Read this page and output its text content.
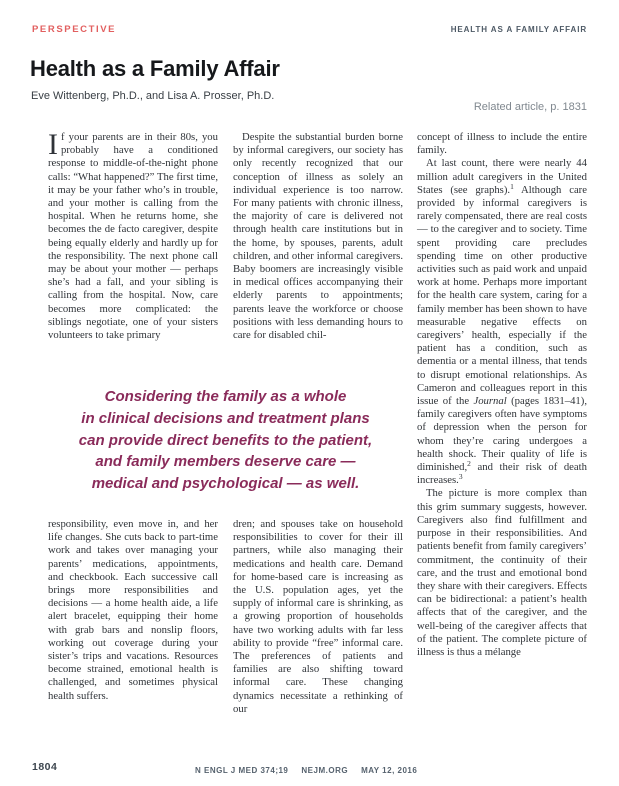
PERSPECTIVE	HEALTH AS A FAMILY AFFAIR
Health as a Family Affair
Eve Wittenberg, Ph.D., and Lisa A. Prosser, Ph.D.
Related article, p. 1831

If your parents are in their 80s, you probably have a conditioned response to middle-of-the-night phone calls: “What happened?” The first time, it may be your father who’s in trouble, and your mother is calling from the hospital. When he returns home, she becomes the de facto caregiver, despite being equally elderly and hardly up for the responsibility. The next phone call may be about your mother — perhaps she’s had a fall, and your sibling is calling from the hospital. Now, care becomes more complicated: the siblings negotiate, one of your sisters volunteers to take primary

Despite the substantial burden borne by informal caregivers, our society has only recently recognized that our conception of illness as solely an individual experience is too narrow. For many patients with chronic illness, the majority of care is delivered not through health care institutions but in the home, by spouses, parents, adult children, and other informal caregivers. Baby boomers are increasingly visible in medical offices accompanying their elderly parents to appointments; parents leave the workforce or choose positions with less demanding hours to care for disabled chil-

concept of illness to include the entire family.

At last count, there were nearly 44 million adult caregivers in the United States (see graphs).$^1$ Although care provided by informal caregivers is rarely compensated, there are real costs — to the caregiver and to society. Time spent providing care precludes spending time on other productive activities such as paid work and unpaid work at home. Perhaps more important for the health care system, caring for a family member has been shown to have measurable negative effects on caregivers’ health, especially if the patient has a condition, such as dementia or a mental illness, that tends to disrupt emotional relationships. As Cameron and colleagues report in this issue of the Journal (pages 1831–41), family caregivers often have symptoms of depression when the person for whom they’re caring undergoes a health shock. Their quality of life is diminished,$^2$ and their risk of death increases.$^3$

The picture is more complex than this grim summary suggests, however. Caregivers also find fulfillment and purpose in their responsibilities. And patients benefit from family caregivers’ commitment, the continuity of their care, and the trust and emotional bond they share with their caregivers. Effects can be bidirectional: a patient’s health affects that of the caregiver, and the well-being of the caregiver affects that of the patient. The complete picture of illness is thus a mélange

Considering the family as a whole
in clinical decisions and treatment plans
can provide direct benefits to the patient,
and family members deserve care —
medical and psychological — as well.

responsibility, even move in, and her life changes. She cuts back to part-time work and takes over managing your parents’ medications, appointments, and checkbook. Each successive call brings more responsibilities and decisions — a home health aide, a life alert bracelet, equipping their home with grab bars and nonslip floors, working out coverage during your sister’s trips and vacations. Resources become strained, emotional health is challenged, and sometimes physical health suffers.

dren; and spouses take on household responsibilities to cover for their ill partners, while also managing their medications and health care. Demand for home-based care is increasing as the U.S. population ages, yet the supply of informal care is shrinking, as a growing proportion of households have two working adults with far less ability to provide “free” informal care. The preferences of patients and families are also shifting toward informal care. These changing dynamics necessitate a rethinking of our

1804	N ENGL J MED 374;19 NEJM.ORG MAY 12, 2016
